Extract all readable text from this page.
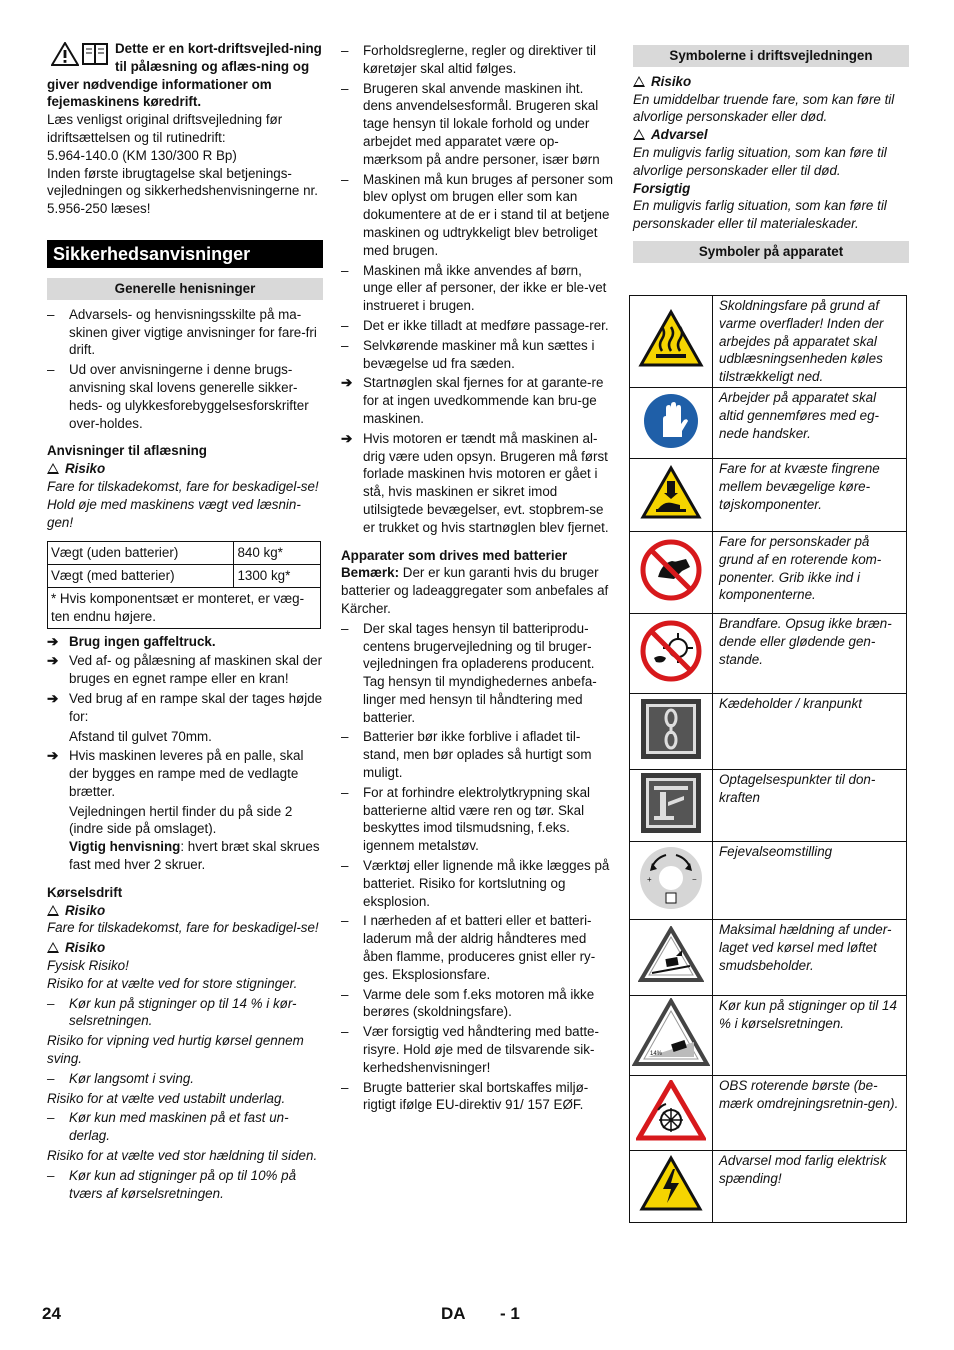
Dette er en kort-driftsvejled-ning til pålæsning og aflæs-ning og giver nødvendige informationer om fejemaskinens køredrift.

Læs venligst original driftsvejledning før idriftsættelsen og til rutinedrift:

5.964-140.0 (KM 130/300 R Bp)

Inden første ibrugtagelse skal betjenings-vejledningen og sikkerhedshenvisningerne nr. 5.956-250 læses!

Sikkerhedsanvisninger
Generelle henisninger

– Advarsels- og henvisningsskilte på ma-skinen giver vigtige anvisninger for fare-fri drift.

– Ud over anvisningerne i denne brugs-anvisning skal lovens generelle sikker-heds- og ulykkesforebyggelsesforskrifter over-holdes.

Anvisninger til aflæsning

Risiko

Fare for tilskadekomst, fare for beskadigel-se!

Hold øje med maskinens vægt ved læsnin-gen!

Vægt (uden batterier)	840 kg*
Vægt (med batterier)	1300 kg*
* Hvis komponentsæt er monteret, er væg-ten endnu højere.	

➔ Brug ingen gaffeltruck.

➔ Ved af- og pålæsning af maskinen skal der bruges en egnet rampe eller en kran!

➔ Ved brug af en rampe skal der tages højde for:

Afstand til gulvet 70mm.

➔ Hvis maskinen leveres på en palle, skal der bygges en rampe med de vedlagte brætter.

Vejledningen hertil finder du på side 2 (indre side på omslaget).

Vigtig henvisning: hvert bræt skal skrues fast med hver 2 skruer.

Kørselsdrift

Risiko

Fare for tilskadekomst, fare for beskadigel-se!

Risiko

Fysisk Risiko!

Risiko for at vælte ved for store stigninger.

– Kør kun på stigninger op til 14 % i kør-selsretningen.

Risiko for vipning ved hurtig kørsel gennem sving.

– Kør langsomt i sving.

Risiko for at vælte ved ustabilt underlag.

– Kør kun med maskinen på et fast un-derlag.

Risiko for at vælte ved stor hældning til siden.

– Kør kun ad stigninger på op til 10% på tværs af kørselsretningen.

– Forholdsreglerne, regler og direktiver til køretøjer skal altid følges.

– Brugeren skal anvende maskinen iht. dens anvendelsesformål. Brugeren skal tage hensyn til lokale forhold og under arbejdet med apparatet være op-mærksom på andre personer, især børn

– Maskinen må kun bruges af personer som blev oplyst om brugen eller som kan dokumentere at de er i stand til at betjene maskinen og udtrykkeligt blev betroliget med brugen.

– Maskinen må ikke anvendes af børn, unge eller af personer, der ikke er ble-vet instrueret i brugen.

– Det er ikke tilladt at medføre passage-rer.

– Selvkørende maskiner må kun sættes i bevægelse ud fra sæden.

➔ Startnøglen skal fjernes for at garante-re for at ingen uvedkommende kan bru-ge maskinen.

➔ Hvis motoren er tændt må maskinen al-drig være uden opsyn. Brugeren må først forlade maskinen hvis motoren er gået i stå, hvis maskinen er sikret imod utilsigtede bevægelser, evt. stopbrem-se er trukket og hvis startnøglen blev fjernet.

Apparater som drives med batterier

Bemærk: Der er kun garanti hvis du bruger batterier og ladeaggregater som anbefales af Kärcher.

– Der skal tages hensyn til batteriprodu-centens brugervejledning og til bruger-vejledningen fra opladerens producent. Tag hensyn til myndighedernes anbefa-linger med hensyn til håndtering med batterier.

– Batterier bør ikke forblive i afladet til-stand, men bør oplades så hurtigt som muligt.

– For at forhindre elektrolytkrypning skal batterierne altid være ren og tør. Skal beskyttes imod tilsmudsning, f.eks. igennem metalstøv.

– Værktøj eller lignende må ikke lægges på batteriet. Risiko for kortslutning og eksplosion.

– I nærheden af et batteri eller et batteri-laderum må der aldrig håndteres med åben flamme, produceres gnist eller ry-ges. Eksplosionsfare.

– Varme dele som f.eks motoren må ikke berøres (skoldningsfare).

– Vær forsigtig ved håndtering med batte-risyre. Hold øje med de tilsvarende sik-kerhedshenvisninger!

– Brugte batterier skal bortskaffes miljø-rigtigt ifølge EU-direktiv 91/ 157 EØF.

Symbolerne i driftsvejledningen

Risiko

En umiddelbar truende fare, som kan føre til alvorlige personskader eller død.

Advarsel

En muligvis farlig situation, som kan føre til alvorlige personskader eller til død.

Forsigtig

En muligvis farlig situation, som kan føre til personskader eller til materialeskader.

Symboler på apparatet
	Skoldningsfare på grund af varme overflader! Inden der arbejdes på apparatet skal udblæsningsenheden køles tilstrækkeligt ned.
	Arbejder på apparatet skal altid gennemføres med eg-nede handsker.
	Fare for at kvæste fingrene mellem bevægelige køre-tøjskomponenter.
	Fare for personskader på grund af en roterende kom-ponenter. Grib ikke ind i komponenterne.
	Brandfare. Opsug ikke bræn-dende eller glødende gen-stande.
	Kædeholder / kranpunkt
	Optagelsespunkter til don-kraften

+ −	Fejevalseomstilling
	Maksimal hældning af under-laget ved kørsel med løftet smudsbeholder.

14%	Kør kun på stigninger op til 14 % i kørselsretningen.
	OBS roterende børste (be-mærk omdrejningsretnin-gen).
	Advarsel mod farlig elektrisk spænding!
24	DA - 1
